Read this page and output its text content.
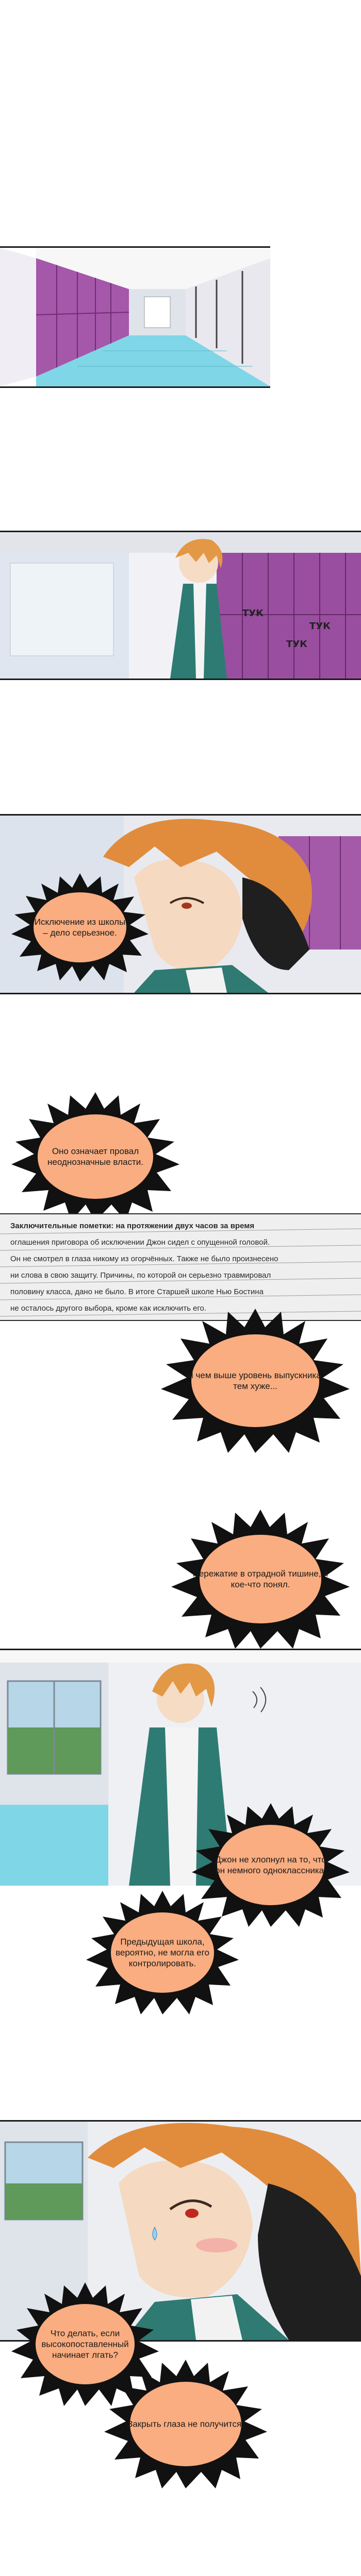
ТУК
ТУК
ТУК
Исключение из школы – дело серьезное.
Оно означает провал неоднозначные власти.
Заключительные пометки: на протяжении двух часов за время
оглашения приговора об исключении Джон сидел с опущенной головой.
Он не смотрел в глаза никому из огорчённых. Также не было произнесено
ни слова в свою защиту. Причины, по которой он серьезно травмировал
половину класса, дано не было. В итоге Старшей школе Нью Бостина
не осталось другого выбора, кроме как исключить его.
И чем выше уровень выпускника, тем хуже...
Пережатие в отрадной тишине, я кое-что понял.
Джон не хлопнул на то, что он немного одноклассника.
Предыдущая школа, вероятно, не могла его контролировать.
Что делать, если высокопоставленный начинает лгать?
Закрыть глаза не получится.
